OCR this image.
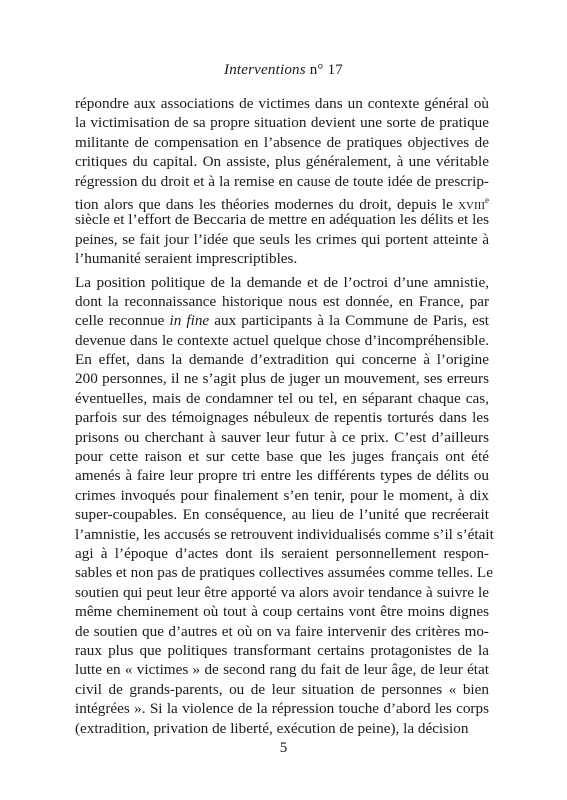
Interventions n° 17
répondre aux associations de victimes dans un contexte général où
la victimisation de sa propre situation devient une sorte de pratique
militante de compensation en l’absence de pratiques objectives de
critiques du capital. On assiste, plus généralement, à une véritable
régression du droit et à la remise en cause de toute idée de prescrip-
tion alors que dans les théories modernes du droit, depuis le xviii$^e$
siècle et l’effort de Beccaria de mettre en adéquation les délits et les
peines, se fait jour l’idée que seuls les crimes qui portent atteinte à
l’humanité seraient imprescriptibles.
La position politique de la demande et de l’octroi d’une amnistie,
dont la reconnaissance historique nous est donnée, en France, par
celle reconnue in fine aux participants à la Commune de Paris, est
devenue dans le contexte actuel quelque chose d’incompréhensible.
En effet, dans la demande d’extradition qui concerne à l’origine
200 personnes, il ne s’agit plus de juger un mouvement, ses erreurs
éventuelles, mais de condamner tel ou tel, en séparant chaque cas,
parfois sur des témoignages nébuleux de repentis torturés dans les
prisons ou cherchant à sauver leur futur à ce prix. C’est d’ailleurs
pour cette raison et sur cette base que les juges français ont été
amenés à faire leur propre tri entre les différents types de délits ou
crimes invoqués pour finalement s’en tenir, pour le moment, à dix
super-coupables. En conséquence, au lieu de l’unité que recréerait
l’amnistie, les accusés se retrouvent individualisés comme s’il s’était
agi à l’époque d’actes dont ils seraient personnellement respon-
sables et non pas de pratiques collectives assumées comme telles. Le
soutien qui peut leur être apporté va alors avoir tendance à suivre le
même cheminement où tout à coup certains vont être moins dignes
de soutien que d’autres et où on va faire intervenir des critères mo-
raux plus que politiques transformant certains protagonistes de la
lutte en « victimes » de second rang du fait de leur âge, de leur état
civil de grands-parents, ou de leur situation de personnes « bien
intégrées ». Si la violence de la répression touche d’abord les corps
(extradition, privation de liberté, exécution de peine), la décision
5
